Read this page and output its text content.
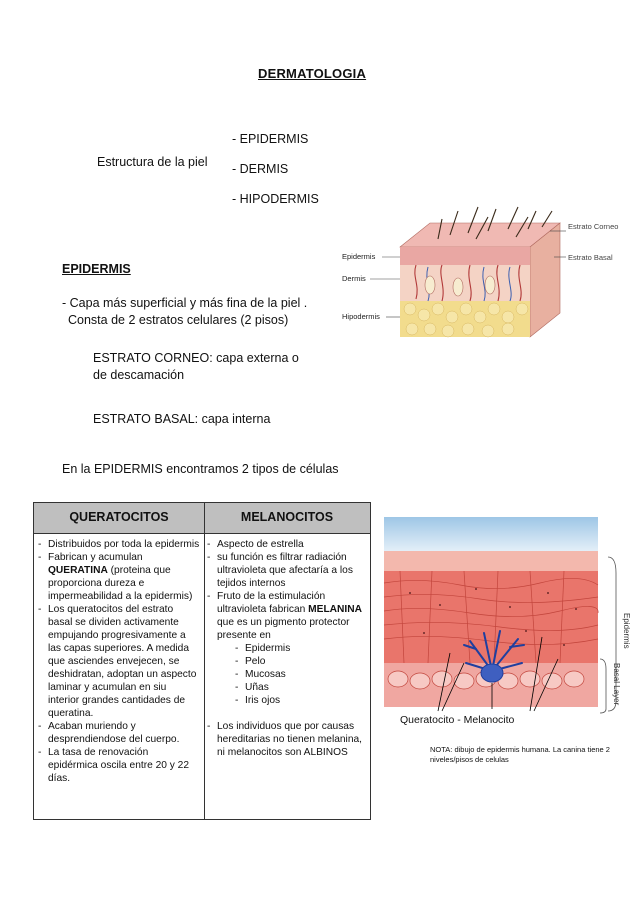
DERMATOLOGIA
Estructura de la piel
- EPIDERMIS
- DERMIS
- HIPODERMIS
Epidermis
Dermis
Hipodermis
Estrato Corneo
Estrato Basal
EPIDERMIS
- Capa más superficial y más fina de la piel .
Consta de 2 estratos celulares (2 pisos)
ESTRATO CORNEO: capa externa o de descamación
ESTRATO BASAL: capa interna
En la EPIDERMIS encontramos 2 tipos de células
QUERATOCITOS	MELANOCITOS
- Distribuidos por toda la epidermis
- Fabrican y acumulan QUERATINA (proteina que proporciona dureza e impermeabilidad a la epidermis)
- Los queratocitos del estrato basal se dividen activamente empujando progresivamente a las capas superiores. A medida que asciendes envejecen, se deshidratan, adoptan un aspecto laminar y acumulan en siu interior grandes cantidades de queratina.
- Acaban muriendo y desprendiendose del cuerpo.
- La tasa de renovación epidérmica oscila entre 20 y 22 días.
- Aspecto de estrella
- su función es filtrar radiación ultravioleta que afectaría a los tejidos internos
- Fruto de la estimulación ultravioleta fabrican MELANINA que es un pigmento protector presente en
- Epidermis
- Pelo
- Mucosas
- Uñas
- Iris ojos
- Los individuos que por causas hereditarias no tienen melanina, ni melanocitos son ALBINOS
Epidermis
Basal Layer
Queratocito - Melanocito
NOTA: dibujo de epidermis humana. La canina tiene 2 niveles/pisos de celulas
